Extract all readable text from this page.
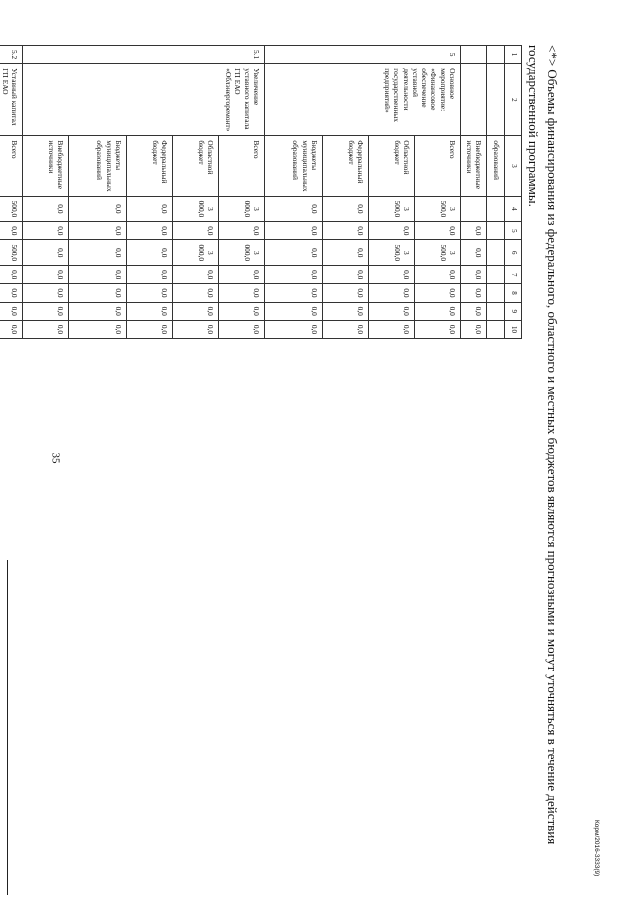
35
1	2	3	4	5	6	7	8	9	10
		образований							
		Внебюджетные источники		0,0	0,0	0,0	0,0	0,0	0,0
5	Основное мероприятие: «Финансовое обеспечение уставной деятельности государственных предприятий»	Всего	3 500,0	0,0	3 500,0	0,0	0,0	0,0	0,0
		Областной бюджет	3 500,0	0,0	3 500,0	0,0	0,0	0,0	0,0
		Федеральный бюджет	0,0	0,0	0,0	0,0	0,0	0,0	0,0
		Бюджеты муниципальных образований	0,0	0,0	0,0	0,0	0,0	0,0	0,0
5.1	Увеличение уставного капитала ГП ЕАО «Облэнергоремонт»	Всего	3 000,0	0,0	3 000,0	0,0	0,0	0,0	0,0
		Областной бюджет	3 000,0	0,0	3 000,0	0,0	0,0	0,0	0,0
		Федеральный бюджет	0,0	0,0	0,0	0,0	0,0	0,0	0,0
		Бюджеты муниципальных образований	0,0	0,0	0,0	0,0	0,0	0,0	0,0
		Внебюджетные источники	0,0	0,0	0,0	0,0	0,0	0,0	0,0
5.2	Уставный капитал ГП ЕАО	Всего	500,0	0,0	500,0	0,0	0,0	0,0	0,0

								<*> Объемы финансирования из федерального, областного и местных бюджетов являются прогнозными и могут уточняться в течение действия государственной программы.

Корм/2016-3333(9)
